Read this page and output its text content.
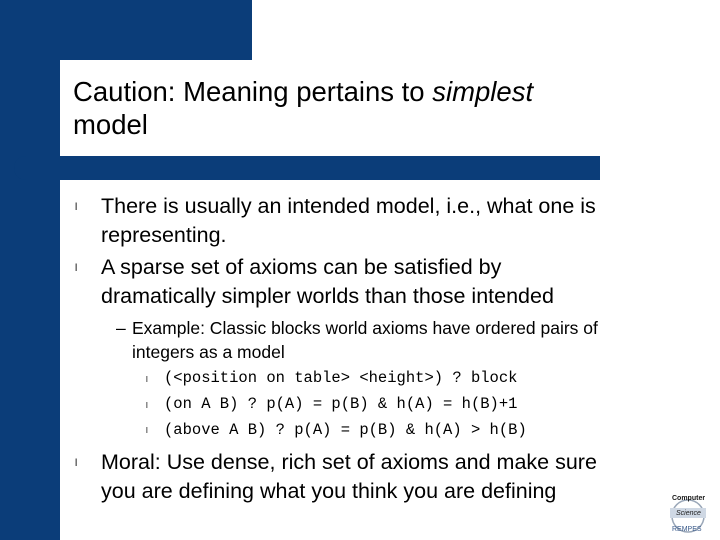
Caution: Meaning pertains to simplest
model
l There is usually an intended model, i.e., what one is
representing.
l A sparse set of axioms can be satisfied by
dramatically simpler worlds than those intended
– Example: Classic blocks world axioms have ordered pairs of
integers as a model
l (<position on table> <height>) ? block
l (on A B) ? p(A) = p(B) & h(A) = h(B)+1
l (above A B) ? p(A) = p(B) & h(A) > h(B)
l Moral: Use dense, rich set of axioms and make sure
you are defining what you think you are defining	Computer
Science
REMPES
